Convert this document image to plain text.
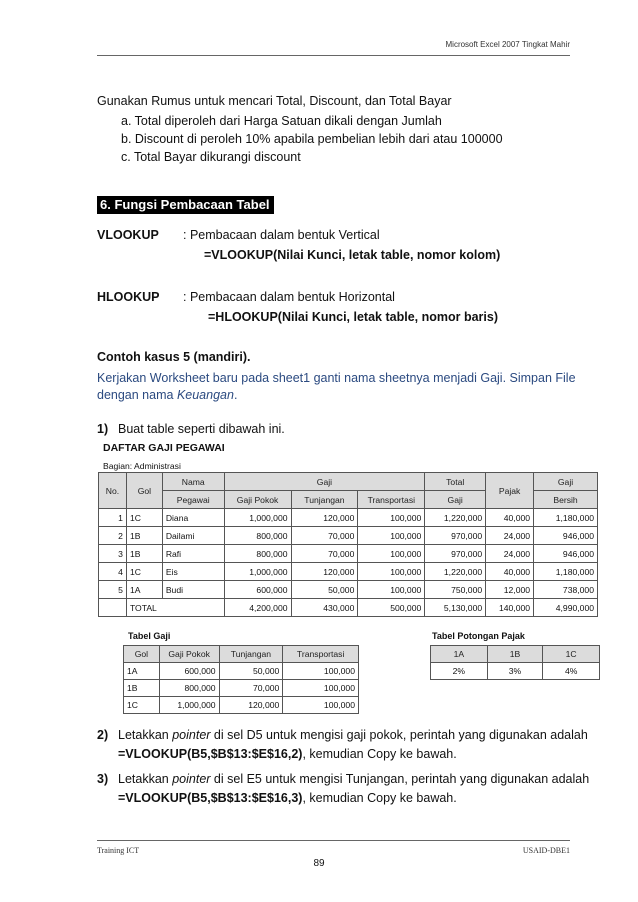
Microsoft Excel 2007 Tingkat Mahir
Gunakan Rumus untuk mencari Total, Discount, dan Total Bayar
a. Total diperoleh dari Harga Satuan dikali dengan Jumlah
b. Discount di peroleh 10% apabila pembelian lebih dari atau 100000
c. Total Bayar dikurangi discount
6. Fungsi Pembacaan Tabel
VLOOKUP : Pembacaan dalam bentuk Vertical
=VLOOKUP(Nilai Kunci, letak table, nomor kolom)
HLOOKUP : Pembacaan dalam bentuk Horizontal
=HLOOKUP(Nilai Kunci, letak table, nomor baris)
Contoh kasus 5 (mandiri).
Kerjakan Worksheet baru pada sheet1 ganti nama sheetnya menjadi Gaji. Simpan File
dengan nama Keuangan.
1) Buat table seperti dibawah ini.
DAFTAR GAJI PEGAWAI
Bagian: Administrasi
No.	Gol	Nama	Gaji			Total	Pajak	Gaji
		Pegawai	Gaji Pokok	Tunjangan	Transportasi	Gaji		Bersih
1	1C	Diana	1,000,000	120,000	100,000	1,220,000	40,000	1,180,000
2	1B	Dailami	800,000	70,000	100,000	970,000	24,000	946,000
3	1B	Rafi	800,000	70,000	100,000	970,000	24,000	946,000
4	1C	Eis	1,000,000	120,000	100,000	1,220,000	40,000	1,180,000
5	1A	Budi	600,000	50,000	100,000	750,000	12,000	738,000
	TOTAL		4,200,000	430,000	500,000	5,130,000	140,000	4,990,000
Tabel Gaji
Gol	Gaji Pokok	Tunjangan	Transportasi
1A	600,000	50,000	100,000
1B	800,000	70,000	100,000
1C	1,000,000	120,000	100,000
Tabel Potongan Pajak
1A	1B	1C
2%	3%	4%
2) Letakkan pointer di sel D5 untuk mengisi gaji pokok, perintah yang digunakan adalah
=VLOOKUP(B5,$B$13:$E$16,2), kemudian Copy ke bawah.
3) Letakkan pointer di sel E5 untuk mengisi Tunjangan, perintah yang digunakan adalah
=VLOOKUP(B5,$B$13:$E$16,3), kemudian Copy ke bawah.
Training ICT	USAID-DBE1
89
